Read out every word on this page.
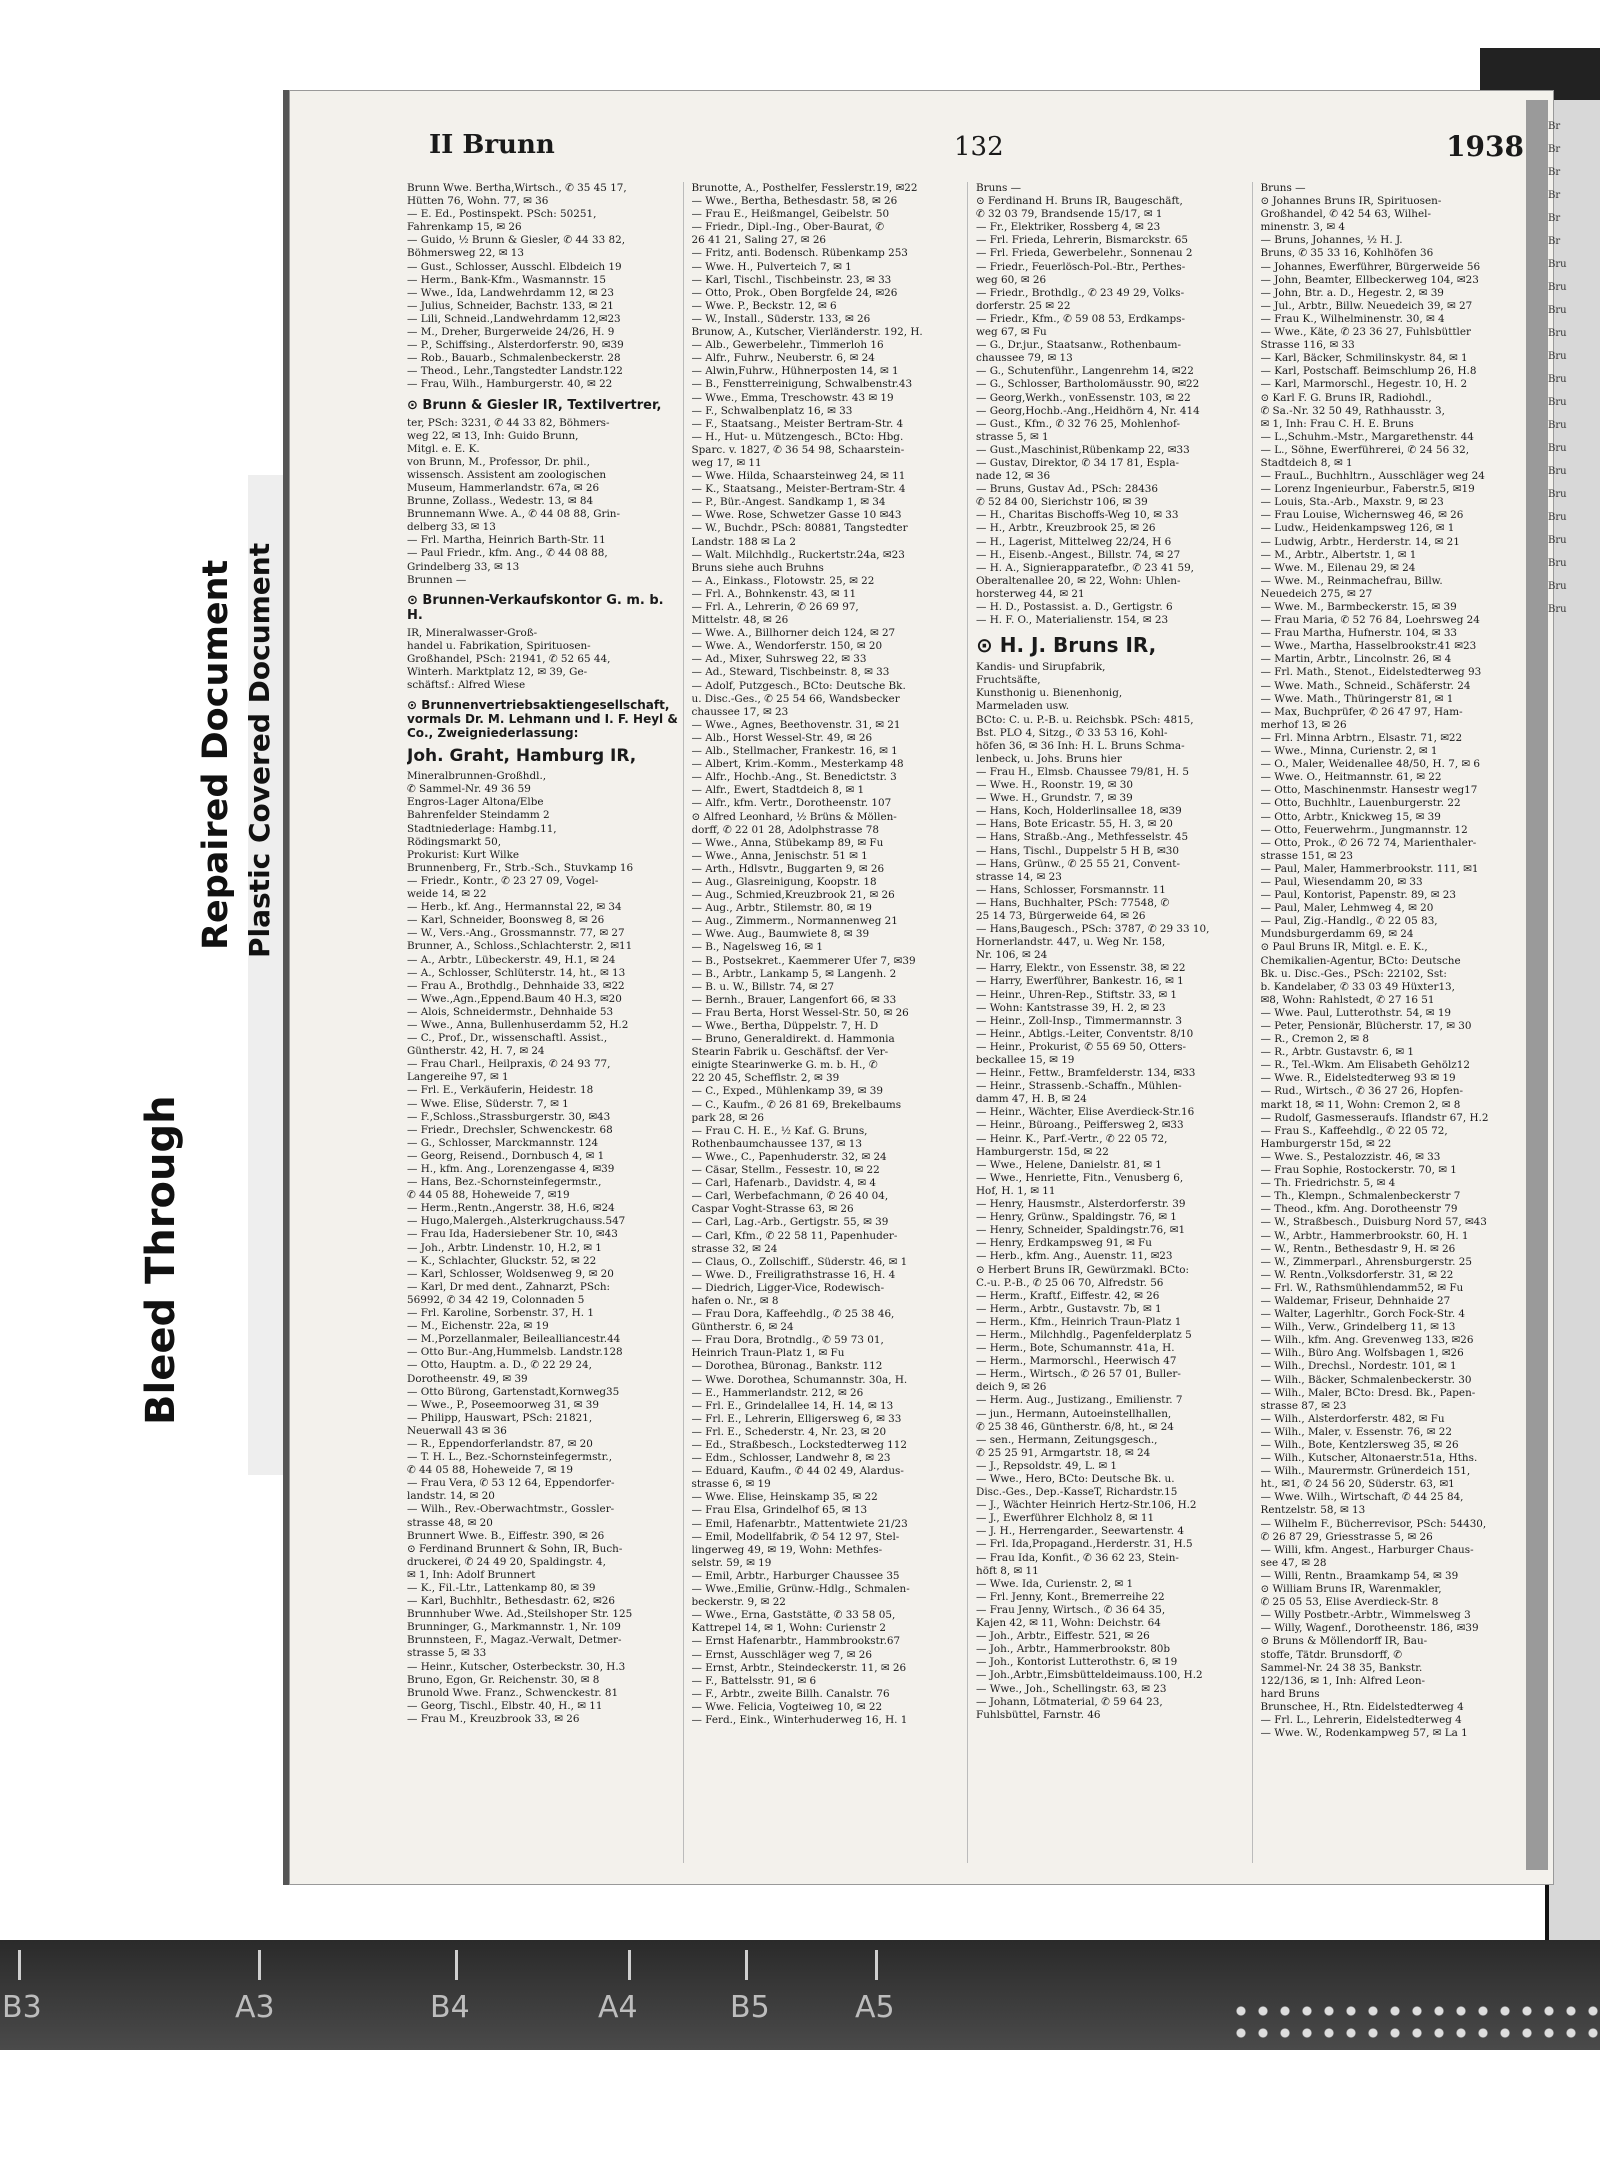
Bleed Through
Repaired Document Plastic Covered Document
II Brunn	132	1938

Brunn Wwe. Bertha,Wirtsch., ✆ 35 45 17,

Hütten 76, Wohn. 77, ✉ 36

— E. Ed., Postinspekt. PSch: 50251,

Fahrenkamp 15, ✉ 26

— Guido, ½ Brunn & Giesler, ✆ 44 33 82,

Böhmersweg 22, ✉ 13

— Gust., Schlosser, Ausschl. Elbdeich 19

— Herm., Bank-Kfm., Wasmannstr. 15

— Wwe., Ida, Landwehrdamm 12, ✉ 23

— Julius, Schneider, Bachstr. 133, ✉ 21

— Lili, Schneid.,Landwehrdamm 12,✉23

— M., Dreher, Burgerweide 24/26, H. 9

— P., Schiffsing., Alsterdorferstr. 90, ✉39

— Rob., Bauarb., Schmalenbeckerstr. 28

— Theod., Lehr.,Tangstedter Landstr.122

— Frau, Wilh., Hamburgerstr. 40, ✉ 22

⊙ Brunn & Giesler IR, Textilvertrer,

ter, PSch: 3231, ✆ 44 33 82, Böhmers-

weg 22, ✉ 13, Inh: Guido Brunn,

Mitgl. e. E. K.

von Brunn, M., Professor, Dr. phil.,

wissensch. Assistent am zoologischen

Museum, Hammerlandstr. 67a, ✉ 26

Brunne, Zollass., Wedestr. 13, ✉ 84

Brunnemann Wwe. A., ✆ 44 08 88, Grin-

delberg 33, ✉ 13

— Frl. Martha, Heinrich Barth-Str. 11

— Paul Friedr., kfm. Ang., ✆ 44 08 88,

Grindelberg 33, ✉ 13

Brunnen —

⊙ Brunnen-Verkaufskontor G. m. b. H.

IR, Mineralwasser-Groß-

handel u. Fabrikation, Spirituosen-

Großhandel, PSch: 21941, ✆ 52 65 44,

Winterh. Marktplatz 12, ✉ 39, Ge-

schäftsf.: Alfred Wiese

⊙ Brunnenvertriebsaktiengesellschaft, vormals Dr. M. Lehmann und I. F. Heyl & Co., Zweigniederlassung:

Joh. Graht, Hamburg IR,

Mineralbrunnen-Großhdl.,

✆ Sammel-Nr. 49 36 59

Engros-Lager Altona/Elbe

Bahrenfelder Steindamm 2

Stadtniederlage: Hambg.11,

Rödingsmarkt 50,

Prokurist: Kurt Wilke

Brunnenberg, Fr., Strb.-Sch., Stuvkamp 16

— Friedr., Kontr., ✆ 23 27 09, Vogel-

weide 14, ✉ 22

— Herb., kf. Ang., Hermannstal 22, ✉ 34

— Karl, Schneider, Boonsweg 8, ✉ 26

— W., Vers.-Ang., Grossmannstr. 77, ✉ 27

Brunner, A., Schloss.,Schlachterstr. 2, ✉11

— A., Arbtr., Lübeckerstr. 49, H.1, ✉ 24

— A., Schlosser, Schlüterstr. 14, ht., ✉ 13

— Frau A., Brothdlg., Dehnhaide 33, ✉22

— Wwe.,Agn.,Eppend.Baum 40 H.3, ✉20

— Alois, Schneidermstr., Dehnhaide 53

— Wwe., Anna, Bullenhuserdamm 52, H.2

— C., Prof., Dr., wissenschaftl. Assist.,

Güntherstr. 42, H. 7, ✉ 24

— Frau Charl., Heilpraxis, ✆ 24 93 77,

Langereihe 97, ✉ 1

— Frl. E., Verkäuferin, Heidestr. 18

— Wwe. Elise, Süderstr. 7, ✉ 1

— F.,Schloss.,Strassburgerstr. 30, ✉43

— Friedr., Drechsler, Schwenckestr. 68

— G., Schlosser, Marckmannstr. 124

— Georg, Reisend., Dornbusch 4, ✉ 1

— H., kfm. Ang., Lorenzengasse 4, ✉39

— Hans, Bez.-Schornsteinfegermstr.,

✆ 44 05 88, Hoheweide 7, ✉19

— Herm.,Rentn.,Angerstr. 38, H.6, ✉24

— Hugo,Malergeh.,Alsterkrugchauss.547

— Frau Ida, Hadersiebener Str. 10, ✉43

— Joh., Arbtr. Lindenstr. 10, H.2, ✉ 1

— K., Schlachter, Gluckstr. 52, ✉ 22

— Karl, Schlosser, Woldsenweg 9, ✉ 20

— Karl, Dr med dent., Zahnarzt, PSch:

56992, ✆ 34 42 19, Colonnaden 5

— Frl. Karoline, Sorbenstr. 37, H. 1

— M., Eichenstr. 22a, ✉ 19

— M.,Porzellanmaler, Beilealliancestr.44

— Otto Bur.-Ang,Hummelsb. Landstr.128

— Otto, Hauptm. a. D., ✆ 22 29 24,

Dorotheenstr. 49, ✉ 39

— Otto Bürong, Gartenstadt,Kornweg35

— Wwe., P., Poseemoorweg 31, ✉ 39

— Philipp, Hauswart, PSch: 21821,

Neuerwall 43 ✉ 36

— R., Eppendorferlandstr. 87, ✉ 20

— T. H. L., Bez.-Schornsteinfegermstr.,

✆ 44 05 88, Hoheweide 7, ✉ 19

— Frau Vera, ✆ 53 12 64, Eppendorfer-

landstr. 14, ✉ 20

— Wilh., Rev.-Oberwachtmstr., Gossler-

strasse 48, ✉ 20

Brunnert Wwe. B., Eiffestr. 390, ✉ 26

⊙ Ferdinand Brunnert & Sohn, IR, Buch-

druckerei, ✆ 24 49 20, Spaldingstr. 4,

✉ 1, Inh: Adolf Brunnert

— K., Fil.-Ltr., Lattenkamp 80, ✉ 39

— Karl, Buchhltr., Bethesdastr. 62, ✉26

Brunnhuber Wwe. Ad.,Steilshoper Str. 125

Brunninger, G., Markmannstr. 1, Nr. 109

Brunnsteen, F., Magaz.-Verwalt, Detmer-

strasse 5, ✉ 33

— Heinr., Kutscher, Osterbeckstr. 30, H.3

Bruno, Egon, Gr. Reichenstr. 30, ✉ 8

Brunold Wwe. Franz., Schwenckestr. 81

— Georg, Tischl., Elbstr. 40, H., ✉ 11

— Frau M., Kreuzbrook 33, ✉ 26

Brunotte, A., Posthelfer, Fesslerstr.19, ✉22

— Wwe., Bertha, Bethesdastr. 58, ✉ 26

— Frau E., Heißmangel, Geibelstr. 50

— Friedr., Dipl.-Ing., Ober-Baurat, ✆

26 41 21, Saling 27, ✉ 26

— Fritz, anti. Bodensch. Rübenkamp 253

— Wwe. H., Pulverteich 7, ✉ 1

— Karl, Tischl., Tischbeinstr. 23, ✉ 33

— Otto, Prok., Oben Borgfelde 24, ✉26

— Wwe. P., Beckstr. 12, ✉ 6

— W., Install., Süderstr. 133, ✉ 26

Brunow, A., Kutscher, Vierländerstr. 192, H.

— Alb., Gewerbelehr., Timmerloh 16

— Alfr., Fuhrw., Neuberstr. 6, ✉ 24

— Alwin,Fuhrw., Hühnerposten 14, ✉ 1

— B., Fenstterreinigung, Schwalbenstr.43

— Wwe., Emma, Treschowstr. 43 ✉ 19

— F., Schwalbenplatz 16, ✉ 33

— F., Staatsang., Meister Bertram-Str. 4

— H., Hut- u. Mützengesch., BCto: Hbg.

Sparc. v. 1827, ✆ 36 54 98, Schaarstein-

weg 17, ✉ 11

— Wwe. Hilda, Schaarsteinweg 24, ✉ 11

— K., Staatsang., Meister-Bertram-Str. 4

— P., Bür.-Angest. Sandkamp 1, ✉ 34

— Wwe. Rose, Schwetzer Gasse 10 ✉43

— W., Buchdr., PSch: 80881, Tangstedter

Landstr. 188 ✉ La 2

— Walt. Milchhdlg., Ruckertstr.24a, ✉23

Bruns siehe auch Bruhns

— A., Einkass., Flotowstr. 25, ✉ 22

— Frl. A., Bohnkenstr. 43, ✉ 11

— Frl. A., Lehrerin, ✆ 26 69 97,

Mittelstr. 48, ✉ 26

— Wwe. A., Billhorner deich 124, ✉ 27

— Wwe. A., Wendorferstr. 150, ✉ 20

— Ad., Mixer, Suhrsweg 22, ✉ 33

— Ad., Steward, Tischbeinstr. 8, ✉ 33

— Adolf, Putzgesch., BCto: Deutsche Bk.

u. Disc.-Ges., ✆ 25 54 66, Wandsbecker

chaussee 17, ✉ 23

— Wwe., Agnes, Beethovenstr. 31, ✉ 21

— Alb., Horst Wessel-Str. 49, ✉ 26

— Alb., Stellmacher, Frankestr. 16, ✉ 1

— Albert, Krim.-Komm., Mesterkamp 48

— Alfr., Hochb.-Ang., St. Benedictstr. 3

— Alfr., Ewert, Stadtdeich 8, ✉ 1

— Alfr., kfm. Vertr., Dorotheenstr. 107

⊙ Alfred Leonhard, ½ Brüns & Möllen-

dorff, ✆ 22 01 28, Adolphstrasse 78

— Wwe., Anna, Stübekamp 89, ✉ Fu

— Wwe., Anna, Jenischstr. 51 ✉ 1

— Arth., Hdlsvtr., Buggarten 9, ✉ 26

— Aug., Glasreinigung, Koopstr. 18

— Aug., Schmied,Kreuzbrook 21, ✉ 26

— Aug., Arbtr., Stilemstr. 80, ✉ 19

— Aug., Zimmerm., Normannenweg 21

— Wwe. Aug., Baumwiete 8, ✉ 39

— B., Nagelsweg 16, ✉ 1

— B., Postsekret., Kaemmerer Ufer 7, ✉39

— B., Arbtr., Lankamp 5, ✉ Langenh. 2

— B. u. W., Billstr. 74, ✉ 27

— Bernh., Brauer, Langenfort 66, ✉ 33

— Frau Berta, Horst Wessel-Str. 50, ✉ 26

— Wwe., Bertha, Düppelstr. 7, H. D

— Bruno, Generaldirekt. d. Hammonia

Stearin Fabrik u. Geschäftsf. der Ver-

einigte Stearinwerke G. m. b. H., ✆

22 20 45, Schefflstr. 2, ✉ 39

— C., Exped., Mühlenkamp 39, ✉ 39

— C., Kaufm., ✆ 26 81 69, Brekelbaums

park 28, ✉ 26

— Frau C. H. E., ½ Kaf. G. Bruns,

Rothenbaumchaussee 137, ✉ 13

— Wwe., C., Papenhuderstr. 32, ✉ 24

— Cäsar, Stellm., Fessestr. 10, ✉ 22

— Carl, Hafenarb., Davidstr. 4, ✉ 4

— Carl, Werbefachmann, ✆ 26 40 04,

Caspar Voght-Strasse 63, ✉ 26

— Carl, Lag.-Arb., Gertigstr. 55, ✉ 39

— Carl, Kfm., ✆ 22 58 11, Papenhuder-

strasse 32, ✉ 24

— Claus, O., Zollschiff., Süderstr. 46, ✉ 1

— Wwe. D., Freiligrathstrasse 16, H. 4

— Diedrich, Ligger-Vice, Rodewisch-

hafen o. Nr., ✉ 8

— Frau Dora, Kaffeehdlg., ✆ 25 38 46,

Güntherstr. 6, ✉ 24

— Frau Dora, Brotndlg., ✆ 59 73 01,

Heinrich Traun-Platz 1, ✉ Fu

— Dorothea, Büronag., Bankstr. 112

— Wwe. Dorothea, Schumannstr. 30a, H.

— E., Hammerlandstr. 212, ✉ 26

— Frl. E., Grindelallee 14, H. 14, ✉ 13

— Frl. E., Lehrerin, Elligersweg 6, ✉ 33

— Frl. E., Schederstr. 4, Nr. 23, ✉ 20

— Ed., Straßbesch., Lockstedterweg 112

— Edm., Schlosser, Landwehr 8, ✉ 23

— Eduard, Kaufm., ✆ 44 02 49, Alardus-

strasse 6, ✉ 19

— Wwe. Elise, Heinskamp 35, ✉ 22

— Frau Elsa, Grindelhof 65, ✉ 13

— Emil, Hafenarbtr., Mattentwiete 21/23

— Emil, Modellfabrik, ✆ 54 12 97, Stel-

lingerweg 49, ✉ 19, Wohn: Methfes-

selstr. 59, ✉ 19

— Emil, Arbtr., Harburger Chaussee 35

— Wwe.,Emilie, Grünw.-Hdlg., Schmalen-

beckerstr. 9, ✉ 22

— Wwe., Erna, Gaststätte, ✆ 33 58 05,

Kattrepel 14, ✉ 1, Wohn: Curienstr 2

— Ernst Hafenarbtr., Hammbrookstr.67

— Ernst, Ausschläger weg 7, ✉ 26

— Ernst, Arbtr., Steindeckerstr. 11, ✉ 26

— F., Battelsstr. 91, ✉ 6

— F., Arbtr., zweite Billh. Canalstr. 76

— Wwe. Felicia, Vogteiweg 10, ✉ 22

— Ferd., Eink., Winterhuderweg 16, H. 1

Bruns —

⊙ Ferdinand H. Bruns IR, Baugeschäft,

✆ 32 03 79, Brandsende 15/17, ✉ 1

— Fr., Elektriker, Rossberg 4, ✉ 23

— Frl. Frieda, Lehrerin, Bismarckstr. 65

— Frl. Frieda, Gewerbelehr., Sonnenau 2

— Friedr., Feuerlösch-Pol.-Btr., Perthes-

weg 60, ✉ 26

— Friedr., Brothdlg., ✆ 23 49 29, Volks-

dorferstr. 25 ✉ 22

— Friedr., Kfm., ✆ 59 08 53, Erdkamps-

weg 67, ✉ Fu

— G., Dr.jur., Staatsanw., Rothenbaum-

chaussee 79, ✉ 13

— G., Schutenführ., Langenrehm 14, ✉22

— G., Schlosser, Bartholomäusstr. 90, ✉22

— Georg,Werkh., vonEssenstr. 103, ✉ 22

— Georg,Hochb.-Ang.,Heidhörn 4, Nr. 414

— Gust., Kfm., ✆ 32 76 25, Mohlenhof-

strasse 5, ✉ 1

— Gust.,Maschinist,Rübenkamp 22, ✉33

— Gustav, Direktor, ✆ 34 17 81, Espla-

nade 12, ✉ 36

— Bruns, Gustav Ad., PSch: 28436

✆ 52 84 00, Sierichstr 106, ✉ 39

— H., Charitas Bischoffs-Weg 10, ✉ 33

— H., Arbtr., Kreuzbrook 25, ✉ 26

— H., Lagerist, Mittelweg 22/24, H 6

— H., Eisenb.-Angest., Billstr. 74, ✉ 27

— H. A., Signierapparatefbr., ✆ 23 41 59,

Oberaltenallee 20, ✉ 22, Wohn: Uhlen-

horsterweg 44, ✉ 21

— H. D., Postassist. a. D., Gertigstr. 6

— H. F. O., Materialienstr. 154, ✉ 23

⊙ H. J. Bruns IR,

Kandis- und Sirupfabrik,

Fruchtsäfte,

Kunsthonig u. Bienenhonig,

Marmeladen usw.

BCto: C. u. P.-B. u. Reichsbk. PSch: 4815,

Bst. PLO 4, Sitzg., ✆ 33 53 16, Kohl-

höfen 36, ✉ 36 Inh: H. L. Bruns Schma-

lenbeck, u. Johs. Bruns hier

— Frau H., Elmsb. Chaussee 79/81, H. 5

— Wwe. H., Roonstr. 19, ✉ 30

— Wwe. H., Grundstr. 7, ✉ 39

— Hans, Koch, Holderlinsallee 18, ✉39

— Hans, Bote Ericastr. 55, H. 3, ✉ 20

— Hans, Straßb.-Ang., Methfesselstr. 45

— Hans, Tischl., Duppelstr 5 H B, ✉30

— Hans, Grünw., ✆ 25 55 21, Convent-

strasse 14, ✉ 23

— Hans, Schlosser, Forsmannstr. 11

— Hans, Buchhalter, PSch: 77548, ✆

25 14 73, Bürgerweide 64, ✉ 26

— Hans,Baugesch., PSch: 3787, ✆ 29 33 10,

Hornerlandstr. 447, u. Weg Nr. 158,

Nr. 106, ✉ 24

— Harry, Elektr., von Essenstr. 38, ✉ 22

— Harry, Ewerführer, Bankestr. 16, ✉ 1

— Heinr., Uhren-Rep., Stiftstr. 33, ✉ 1

— Wohn: Kantstrasse 39, H. 2, ✉ 23

— Heinr., Zoll-Insp., Timmermannstr. 3

— Heinr., Abtlgs.-Leiter, Conventstr. 8/10

— Heinr., Prokurist, ✆ 55 69 50, Otters-

beckallee 15, ✉ 19

— Heinr., Fettw., Bramfelderstr. 134, ✉33

— Heinr., Strassenb.-Schaffn., Mühlen-

damm 47, H. B, ✉ 24

— Heinr., Wächter, Elise Averdieck-Str.16

— Heinr., Büroang., Peiffersweg 2, ✉33

— Heinr. K., Parf.-Vertr., ✆ 22 05 72,

Hamburgerstr. 15d, ✉ 22

— Wwe., Helene, Danielstr. 81, ✉ 1

— Wwe., Henriette, Fitn., Venusberg 6,

Hof, H. 1, ✉ 11

— Henry, Hausmstr., Alsterdorferstr. 39

— Henry, Grünw., Spaldingstr. 76, ✉ 1

— Henry, Schneider, Spaldingstr.76, ✉1

— Henry, Erdkampsweg 91, ✉ Fu

— Herb., kfm. Ang., Auenstr. 11, ✉23

⊙ Herbert Bruns IR, Gewürzmakl. BCto:

C.-u. P.-B., ✆ 25 06 70, Alfredstr. 56

— Herm., Kraftf., Eiffestr. 42, ✉ 26

— Herm., Arbtr., Gustavstr. 7b, ✉ 1

— Herm., Kfm., Heinrich Traun-Platz 1

— Herm., Milchhdlg., Pagenfelderplatz 5

— Herm., Bote, Schumannstr. 41a, H.

— Herm., Marmorschl., Heerwisch 47

— Herm., Wirtsch., ✆ 26 57 01, Buller-

deich 9, ✉ 26

— Herm. Aug., Justizang., Emilienstr. 7

— jun., Hermann, Autoeinstellhallen,

✆ 25 38 46, Güntherstr. 6/8, ht., ✉ 24

— sen., Hermann, Zeitungsgesch.,

✆ 25 25 91, Armgartstr. 18, ✉ 24

— J., Repsoldstr. 49, L. ✉ 1

— Wwe., Hero, BCto: Deutsche Bk. u.

Disc.-Ges., Dep.-KasseT, Richardstr.15

— J., Wächter Heinrich Hertz-Str.106, H.2

— J., Ewerführer Elchholz 8, ✉ 11

— J. H., Herrengarder., Seewartenstr. 4

— Frl. Ida,Propagand.,Herderstr. 31, H.5

— Frau Ida, Konfit., ✆ 36 62 23, Stein-

höft 8, ✉ 11

— Wwe. Ida, Curienstr. 2, ✉ 1

— Frl. Jenny, Kont., Bremerreihe 22

— Frau Jenny, Wirtsch., ✆ 36 64 35,

Kajen 42, ✉ 11, Wohn: Deichstr. 64

— Joh., Arbtr., Eiffestr. 521, ✉ 26

— Joh., Arbtr., Hammerbrookstr. 80b

— Joh., Kontorist Lutterothstr. 6, ✉ 19

— Joh.,Arbtr.,Eimsbütteldeimauss.100, H.2

— Wwe., Joh., Schellingstr. 63, ✉ 23

— Johann, Lötmaterial, ✆ 59 64 23,

Fuhlsbüttel, Farnstr. 46

Bruns —

⊙ Johannes Bruns IR, Spirituosen-

Großhandel, ✆ 42 54 63, Wilhel-

minenstr. 3, ✉ 4

— Bruns, Johannes, ½ H. J.

Bruns, ✆ 35 33 16, Kohlhöfen 36

— Johannes, Ewerführer, Bürgerweide 56

— John, Beamter, Ellbeckerweg 104, ✉23

— John, Btr. a. D., Hegestr. 2, ✉ 39

— Jul., Arbtr., Billw. Neuedeich 39, ✉ 27

— Frau K., Wilhelminenstr. 30, ✉ 4

— Wwe., Käte, ✆ 23 36 27, Fuhlsbüttler

Strasse 116, ✉ 33

— Karl, Bäcker, Schmilinskystr. 84, ✉ 1

— Karl, Postschaff. Beimschlump 26, H.8

— Karl, Marmorschl., Hegestr. 10, H. 2

⊙ Karl F. G. Bruns IR, Radiohdl.,

✆ Sa.-Nr. 32 50 49, Rathhausstr. 3,

✉ 1, Inh: Frau C. H. E. Bruns

— L.,Schuhm.-Mstr., Margarethenstr. 44

— L., Söhne, Ewerführerei, ✆ 24 56 32,

Stadtdeich 8, ✉ 1

— FrauL., Buchhltrn., Ausschläger weg 24

— Lorenz Ingenieurbur., Faberstr.5, ✉19

— Louis, Sta.-Arb., Maxstr. 9, ✉ 23

— Frau Louise, Wichernsweg 46, ✉ 26

— Ludw., Heidenkampsweg 126, ✉ 1

— Ludwig, Arbtr., Herderstr. 14, ✉ 21

— M., Arbtr., Albertstr. 1, ✉ 1

— Wwe. M., Eilenau 29, ✉ 24

— Wwe. M., Reinmachefrau, Billw.

Neuedeich 275, ✉ 27

— Wwe. M., Barmbeckerstr. 15, ✉ 39

— Frau Maria, ✆ 52 76 84, Loehrsweg 24

— Frau Martha, Hufnerstr. 104, ✉ 33

— Wwe., Martha, Hasselbrookstr.41 ✉23

— Martin, Arbtr., Lincolnstr. 26, ✉ 4

— Frl. Math., Stenot., Eidelstedterweg 93

— Wwe. Math., Schneid., Schäferstr. 24

— Wwe. Math., Thüringerstr 81, ✉ 1

— Max, Buchprüfer, ✆ 26 47 97, Ham-

merhof 13, ✉ 26

— Frl. Minna Arbtrn., Elsastr. 71, ✉22

— Wwe., Minna, Curienstr. 2, ✉ 1

— O., Maler, Weidenallee 48/50, H. 7, ✉ 6

— Wwe. O., Heitmannstr. 61, ✉ 22

— Otto, Maschinenmstr. Hansestr weg17

— Otto, Buchhltr., Lauenburgerstr. 22

— Otto, Arbtr., Knickweg 15, ✉ 39

— Otto, Feuerwehrm., Jungmannstr. 12

— Otto, Prok., ✆ 26 72 74, Marienthaler-

strasse 151, ✉ 23

— Paul, Maler, Hammerbrookstr. 111, ✉1

— Paul, Wiesendamm 20, ✉ 33

— Paul, Kontorist, Papenstr. 89, ✉ 23

— Paul, Maler, Lehmweg 4, ✉ 20

— Paul, Zig.-Handlg., ✆ 22 05 83,

Mundsburgerdamm 69, ✉ 24

⊙ Paul Bruns IR, Mitgl. e. E. K.,

Chemikalien-Agentur, BCto: Deutsche

Bk. u. Disc.-Ges., PSch: 22102, Sst:

b. Kandelaber, ✆ 33 03 49 Hüxter13,

✉8, Wohn: Rahlstedt, ✆ 27 16 51

— Wwe. Paul, Lutterothstr. 54, ✉ 19

— Peter, Pensionär, Blücherstr. 17, ✉ 30

— R., Cremon 2, ✉ 8

— R., Arbtr. Gustavstr. 6, ✉ 1

— R., Tel.-Wkm. Am Elisabeth Gehölz12

— Wwe. R., Eidelstedterweg 93 ✉ 19

— Rud., Wirtsch., ✆ 36 27 26, Hopfen-

markt 18, ✉ 11, Wohn: Cremon 2, ✉ 8

— Rudolf, Gasmesseraufs. Iflandstr 67, H.2

— Frau S., Kaffeehdlg., ✆ 22 05 72,

Hamburgerstr 15d, ✉ 22

— Wwe. S., Pestalozzistr. 46, ✉ 33

— Frau Sophie, Rostockerstr. 70, ✉ 1

— Th. Friedrichstr. 5, ✉ 4

— Th., Klempn., Schmalenbeckerstr 7

— Theod., kfm. Ang. Dorotheenstr 79

— W., Straßbesch., Duisburg Nord 57, ✉43

— W., Arbtr., Hammerbrookstr. 60, H. 1

— W., Rentn., Bethesdastr 9, H. ✉ 26

— W., Zimmerparl., Ahrensburgerstr. 25

— W. Rentn.,Volksdorferstr. 31, ✉ 22

— Frl. W., Rathsmühlendamm52, ✉ Fu

— Waldemar, Friseur, Dehnhaide 27

— Walter, Lagerhltr., Gorch Fock-Str. 4

— Wilh., Verw., Grindelberg 11, ✉ 13

— Wilh., kfm. Ang. Grevenweg 133, ✉26

— Wilh., Büro Ang. Wolfsbagen 1, ✉26

— Wilh., Drechsl., Nordestr. 101, ✉ 1

— Wilh., Bäcker, Schmalenbeckerstr. 30

— Wilh., Maler, BCto: Dresd. Bk., Papen-

strasse 87, ✉ 23

— Wilh., Alsterdorferstr. 482, ✉ Fu

— Wilh., Maler, v. Essenstr. 76, ✉ 22

— Wilh., Bote, Kentzlersweg 35, ✉ 26

— Wilh., Kutscher, Altonaerstr.51a, Hths.

— Wilh., Maurermstr. Grünerdeich 151,

ht., ✉1, ✆ 24 56 20, Süderstr. 63, ✉1

— Wwe. Wilh., Wirtschaft, ✆ 44 25 84,

Rentzelstr. 58, ✉ 13

— Wilhelm F., Bücherrevisor, PSch: 54430,

✆ 26 87 29, Griesstrasse 5, ✉ 26

— Willi, kfm. Angest., Harburger Chaus-

see 47, ✉ 28

— Willi, Rentn., Braamkamp 54, ✉ 39

⊙ William Bruns IR, Warenmakler,

✆ 25 05 53, Elise Averdieck-Str. 8

— Willy Postbetr.-Arbtr., Wimmelsweg 3

— Willy, Wagenf., Dorotheenstr. 186, ✉39

⊙ Bruns & Möllendorff IR, Bau-

stoffe, Tätdr. Brunsdorff, ✆

Sammel-Nr. 24 38 35, Bankstr.

122/136, ✉ 1, Inh: Alfred Leon-

hard Bruns

Brunschee, H., Rtn. Eidelstedterweg 4

— Frl. L., Lehrerin, Eidelstedterweg 4

— Wwe. W., Rodenkampweg 57, ✉ La 1

Br

Br

Br

Br

Br

Br

Bru

Bru

Bru

Bru

Bru

Bru

Bru

Bru

Bru

Bru

Bru

Bru

Bru

Bru

Bru

Bru

B3	A3	B4	A4	B5	A5
